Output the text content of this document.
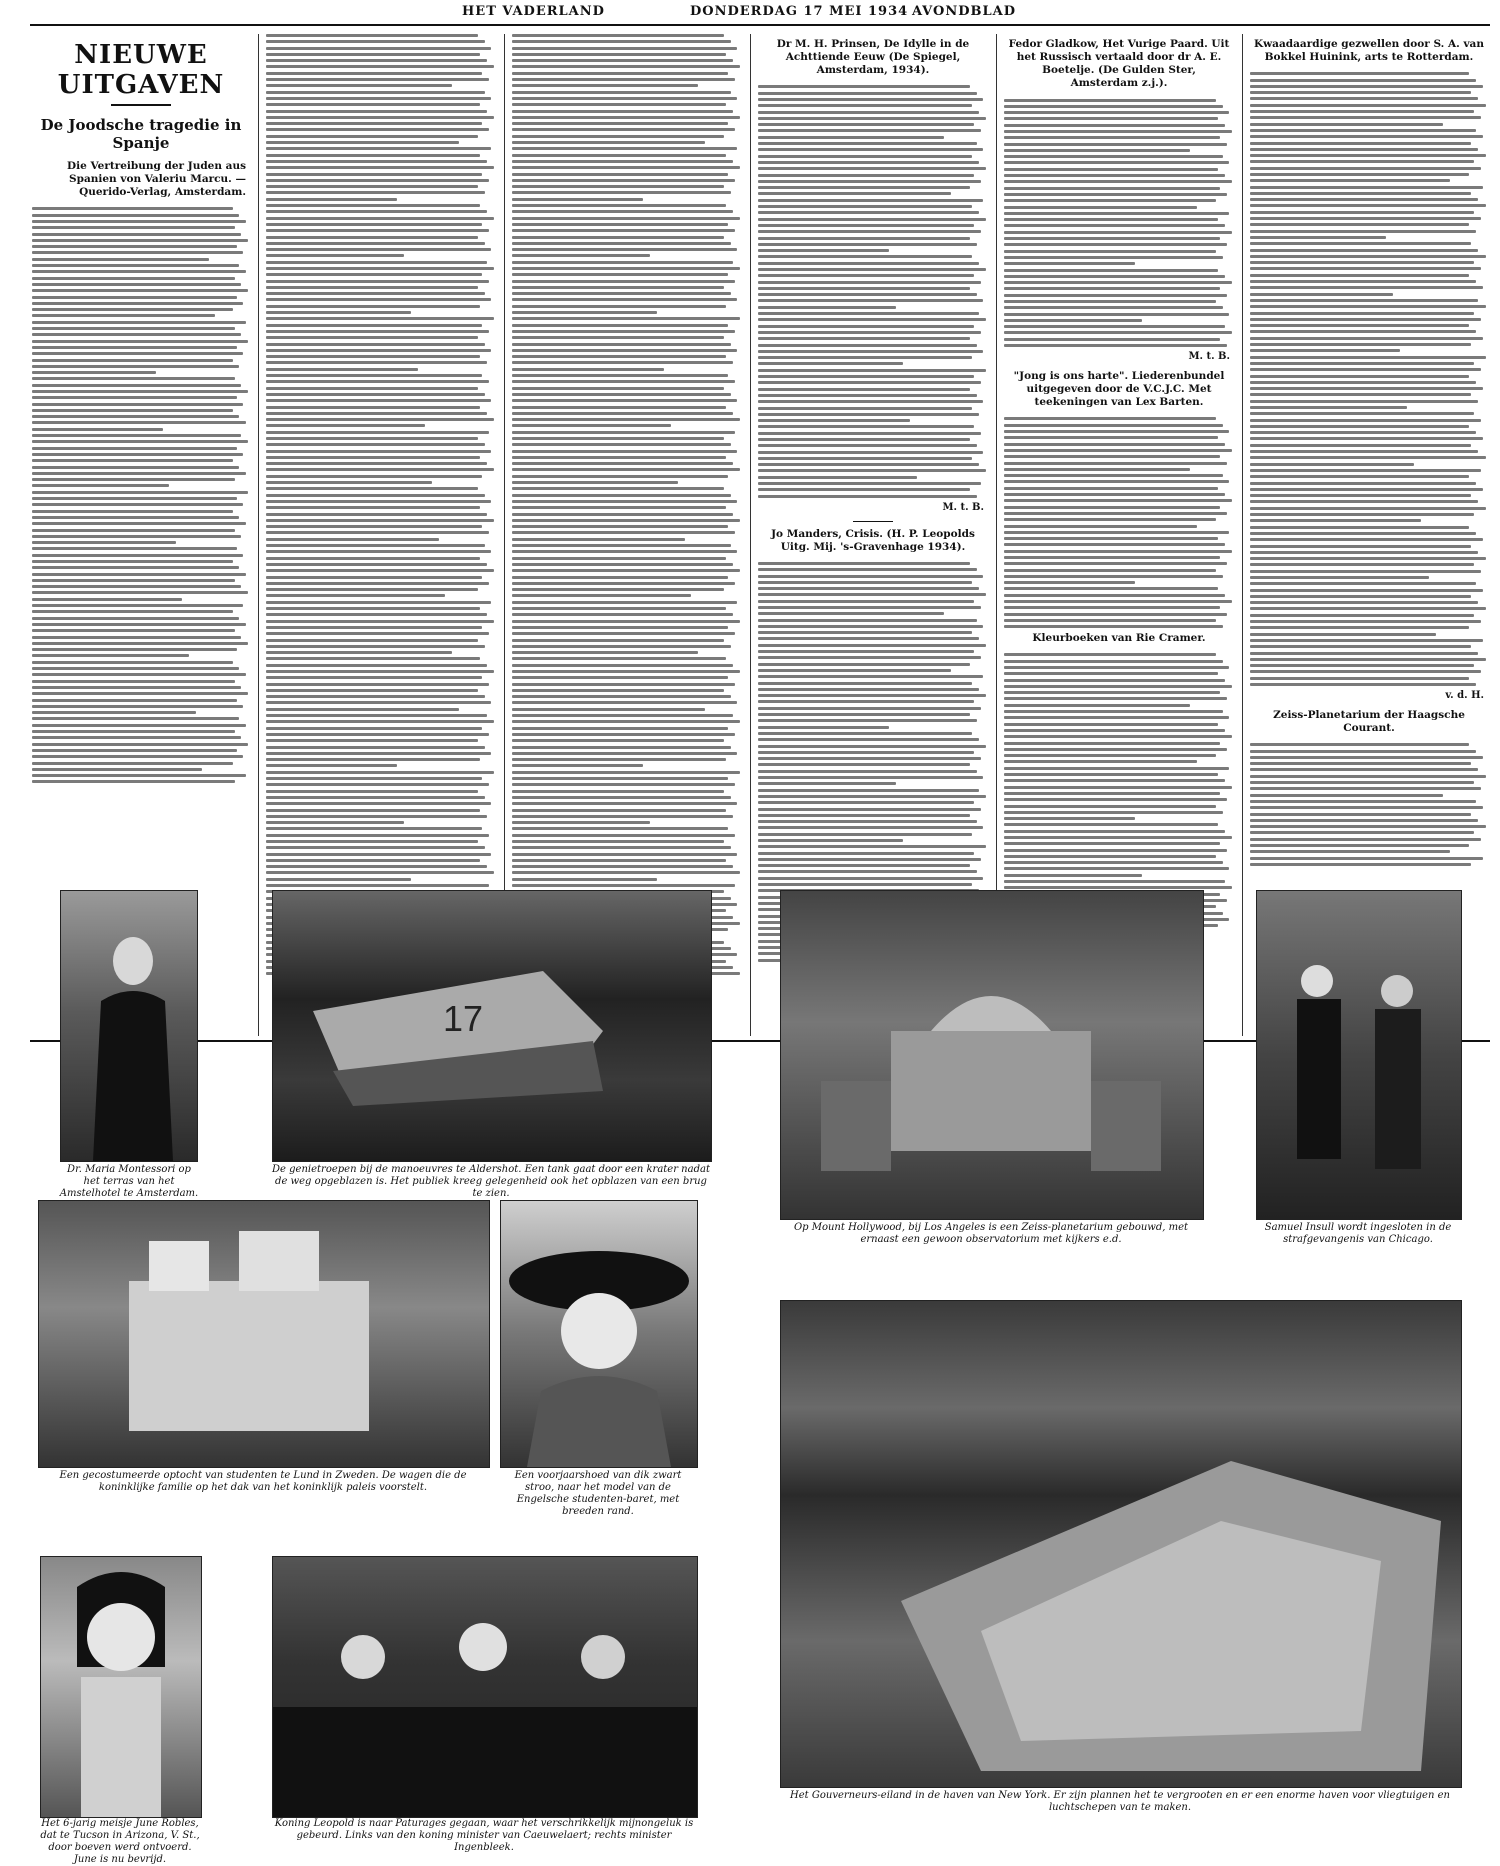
HET VADERLAND	DONDERDAG 17 MEI 1934 AVONDBLAD
NIEUWE UITGAVEN
De Joodsche tragedie in Spanje
Die Vertreibung der Juden aus Spanien von Valeriu Marcu. — Querido-Verlag, Amsterdam.
Dr M. H. Prinsen, De Idylle in de Achttiende Eeuw (De Spiegel, Amsterdam, 1934).
M. t. B.
Jo Manders, Crisis. (H. P. Leopolds Uitg. Mij. 's-Gravenhage 1934).
Fedor Gladkow, Het Vurige Paard. Uit het Russisch vertaald door dr A. E. Boetelje. (De Gulden Ster, Amsterdam z.j.).
M. t. B.
"Jong is ons harte". Liederenbundel uitgegeven door de V.C.J.C. Met teekeningen van Lex Barten.
Kleurboeken van Rie Cramer.
Kwaadaardige gezwellen door S. A. van Bokkel Huinink, arts te Rotterdam.
v. d. H.
Zeiss-Planetarium der Haagsche Courant.
Dr. Maria Montessori op het terras van het Amstelhotel te Amsterdam.
17
De genietroepen bij de manoeuvres te Aldershot. Een tank gaat door een krater nadat de weg opgeblazen is. Het publiek kreeg gelegenheid ook het opblazen van een brug te zien.
Op Mount Hollywood, bij Los Angeles is een Zeiss-planetarium gebouwd, met ernaast een gewoon observatorium met kijkers e.d.
Samuel Insull wordt ingesloten in de strafgevangenis van Chicago.
Een gecostumeerde optocht van studenten te Lund in Zweden. De wagen die de koninklijke familie op het dak van het koninklijk paleis voorstelt.
Een voorjaarshoed van dik zwart stroo, naar het model van de Engelsche studenten-baret, met breeden rand.
Het Gouverneurs-eiland in de haven van New York. Er zijn plannen het te vergrooten en er een enorme haven voor vliegtuigen en luchtschepen van te maken.
Het 6-jarig meisje June Robles, dat te Tucson in Arizona, V. St., door boeven werd ontvoerd. June is nu bevrijd.
Koning Leopold is naar Paturages gegaan, waar het verschrikkelijk mijnongeluk is gebeurd. Links van den koning minister van Caeuwelaert; rechts minister Ingenbleek.
